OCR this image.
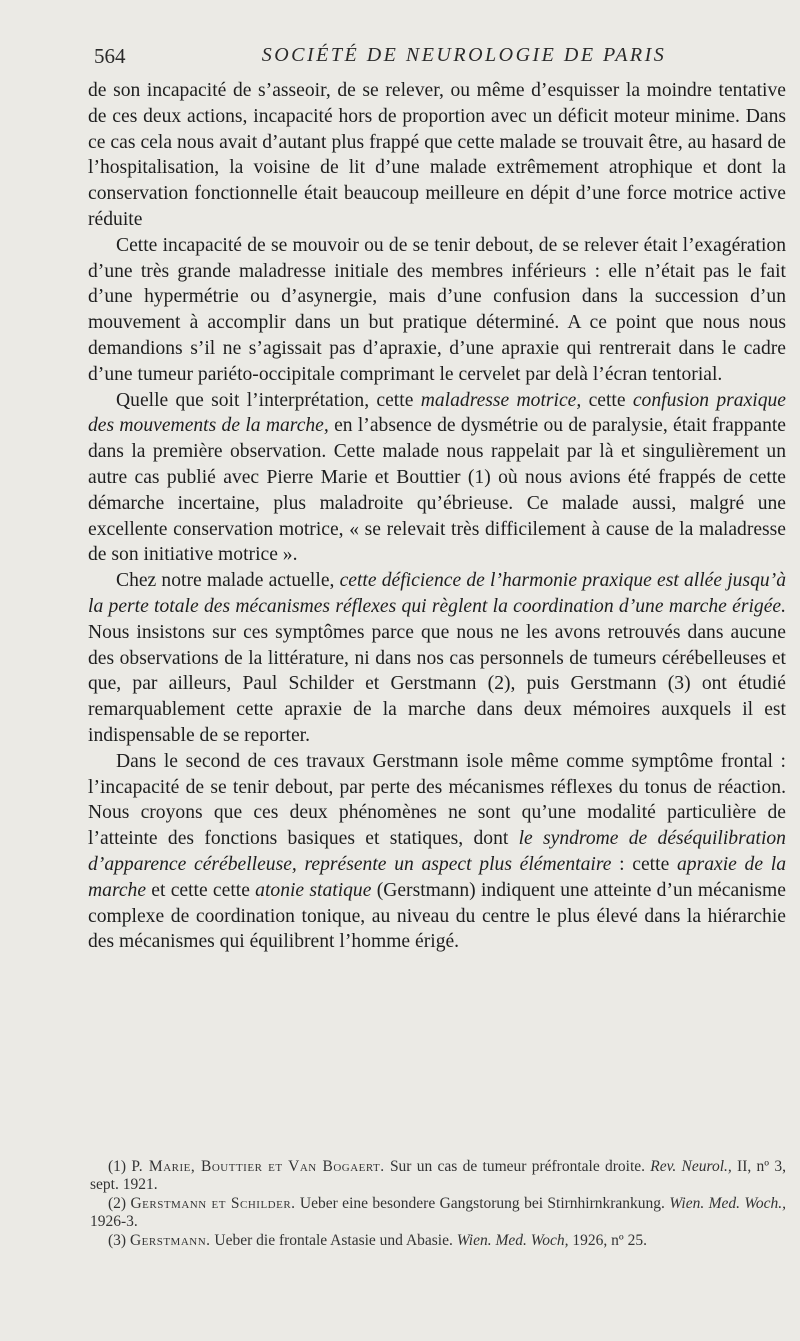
564	SOCIÉTÉ DE NEUROLOGIE DE PARIS

de son incapacité de s’asseoir, de se relever, ou même d’esquisser la moindre tentative de ces deux actions, incapacité hors de proportion avec un déficit moteur minime. Dans ce cas cela nous avait d’autant plus frappé que cette malade se trouvait être, au hasard de l’hospitalisation, la voisine de lit d’une malade extrêmement atrophique et dont la conservation fonctionnelle était beaucoup meilleure en dépit d’une force motrice active réduite

Cette incapacité de se mouvoir ou de se tenir debout, de se relever était l’exagération d’une très grande maladresse initiale des membres inférieurs : elle n’était pas le fait d’une hypermétrie ou d’asynergie, mais d’une confusion dans la succession d’un mouvement à accomplir dans un but pratique déterminé. A ce point que nous nous demandions s’il ne s’agissait pas d’apraxie, d’une apraxie qui rentrerait dans le cadre d’une tumeur pariéto-occipitale comprimant le cervelet par delà l’écran tentorial.

Quelle que soit l’interprétation, cette maladresse motrice, cette confusion praxique des mouvements de la marche, en l’absence de dysmétrie ou de paralysie, était frappante dans la première observation. Cette malade nous rappelait par là et singulièrement un autre cas publié avec Pierre Marie et Bouttier (1) où nous avions été frappés de cette démarche incertaine, plus maladroite qu’ébrieuse. Ce malade aussi, malgré une excellente conservation motrice, « se relevait très difficilement à cause de la maladresse de son initiative motrice ».

Chez notre malade actuelle, cette déficience de l’harmonie praxique est allée jusqu’à la perte totale des mécanismes réflexes qui règlent la coordination d’une marche érigée. Nous insistons sur ces symptômes parce que nous ne les avons retrouvés dans aucune des observations de la littérature, ni dans nos cas personnels de tumeurs cérébelleuses et que, par ailleurs, Paul Schilder et Gerstmann (2), puis Gerstmann (3) ont étudié remarquablement cette apraxie de la marche dans deux mémoires auxquels il est indispensable de se reporter.

Dans le second de ces travaux Gerstmann isole même comme symptôme frontal : l’incapacité de se tenir debout, par perte des mécanismes réflexes du tonus de réaction. Nous croyons que ces deux phénomènes ne sont qu’une modalité particulière de l’atteinte des fonctions basiques et statiques, dont le syndrome de déséquilibration d’apparence cérébelleuse, représente un aspect plus élémentaire : cette apraxie de la marche et cette cette atonie statique (Gerstmann) indiquent une atteinte d’un mécanisme complexe de coordination tonique, au niveau du centre le plus élevé dans la hiérarchie des mécanismes qui équilibrent l’homme érigé.

(1) P. Marie, Bouttier et Van Bogaert. Sur un cas de tumeur préfrontale droite. Rev. Neurol., II, nº 3, sept. 1921.

(2) Gerstmann et Schilder. Ueber eine besondere Gangstorung bei Stirnhirnkrankung. Wien. Med. Woch., 1926-3.

(3) Gerstmann. Ueber die frontale Astasie und Abasie. Wien. Med. Woch, 1926, nº 25.
